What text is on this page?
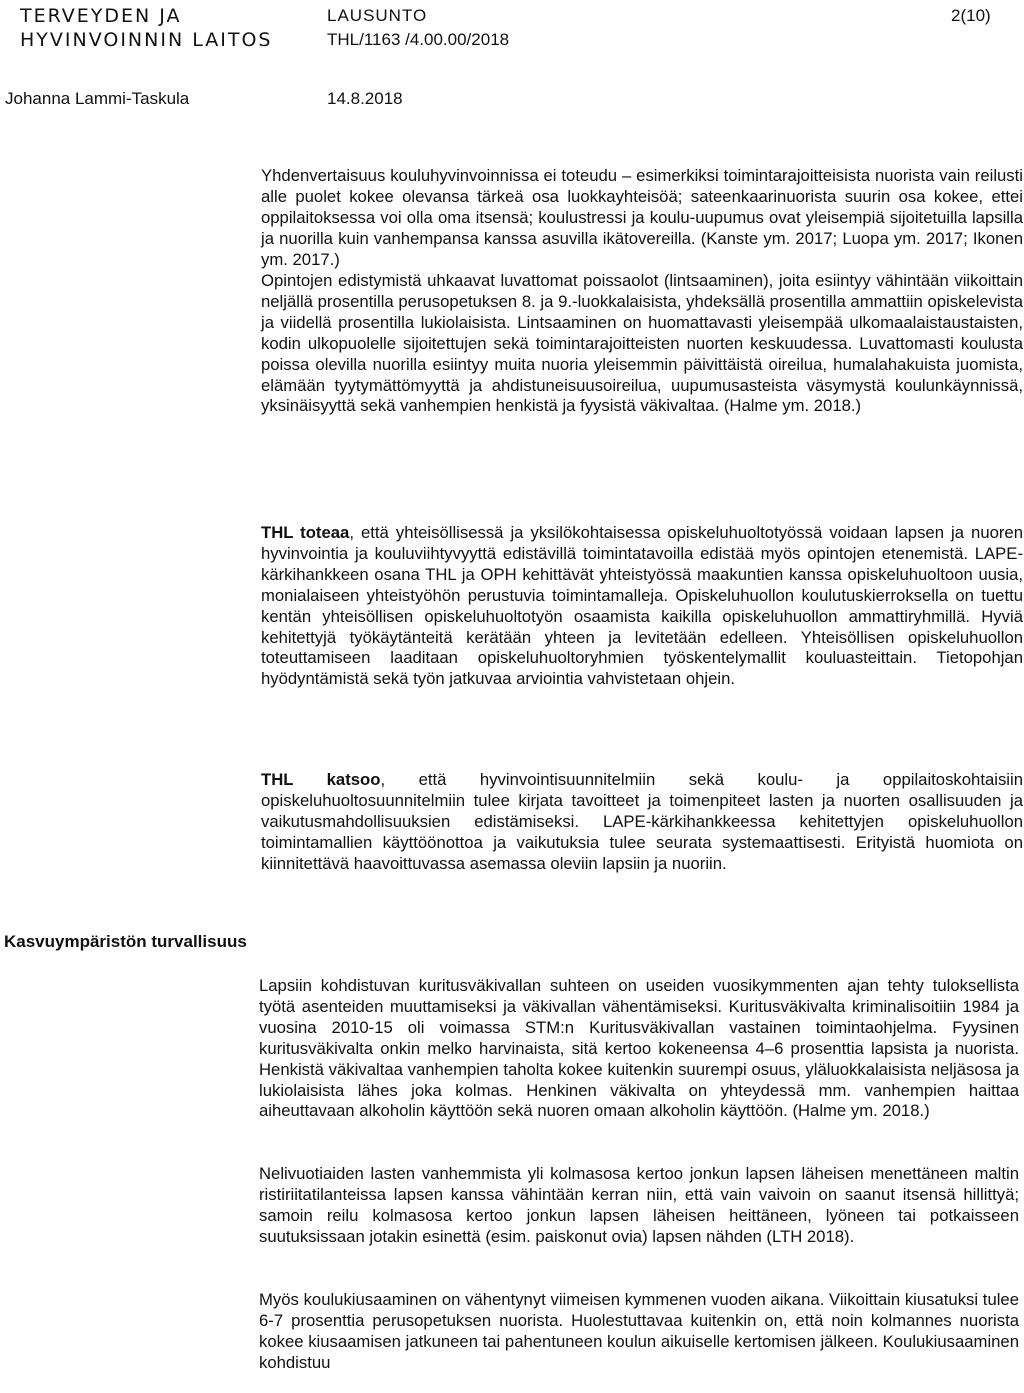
TERVEYDEN JA
HYVINVOINNIN LAITOS
LAUSUNTO
THL/1163 /4.00.00/2018
2(10)
Johanna Lammi-Taskula	14.8.2018
Kasvuympäristön turvallisuus

Yhdenvertaisuus kouluhyvinvoinnissa ei toteudu – esimerkiksi toimintarajoitteisista nuorista vain reilusti alle puolet kokee olevansa tärkeä osa luokkayhteisöä; sateenkaarinuorista suurin osa kokee, ettei oppilaitoksessa voi olla oma itsensä; koulustressi ja koulu-uupumus ovat yleisempiä sijoitetuilla lapsilla ja nuorilla kuin vanhempansa kanssa asuvilla ikätovereilla. (Kanste ym. 2017; Luopa ym. 2017; Ikonen ym. 2017.)

Opintojen edistymistä uhkaavat luvattomat poissaolot (lintsaaminen), joita esiintyy vähintään viikoittain neljällä prosentilla perusopetuksen 8. ja 9.-luokkalaisista, yhdeksällä prosentilla ammattiin opiskelevista ja viidellä prosentilla lukiolaisista. Lintsaaminen on huomattavasti yleisempää ulkomaalaistaustaisten, kodin ulkopuolelle sijoitettujen sekä toimintarajoitteisten nuorten keskuudessa. Luvattomasti koulusta poissa olevilla nuorilla esiintyy muita nuoria yleisemmin päivittäistä oireilua, humalahakuista juomista, elämään tyytymättömyyttä ja ahdistuneisuusoireilua, uupumusasteista väsymystä koulunkäynnissä, yksinäisyyttä sekä vanhempien henkistä ja fyysistä väkivaltaa. (Halme ym. 2018.)

THL toteaa, että yhteisöllisessä ja yksilökohtaisessa opiskeluhuoltotyössä voidaan lapsen ja nuoren hyvinvointia ja kouluviihtyvyyttä edistävillä toimintatavoilla edistää myös opintojen etenemistä. LAPE-kärkihankkeen osana THL ja OPH kehittävät yhteistyössä maakuntien kanssa opiskeluhuoltoon uusia, monialaiseen yhteistyöhön perustuvia toimintamalleja. Opiskeluhuollon koulutuskierroksella on tuettu kentän yhteisöllisen opiskeluhuoltotyön osaamista kaikilla opiskeluhuollon ammattiryhmillä. Hyviä kehitettyjä työkäytänteitä kerätään yhteen ja levitetään edelleen. Yhteisöllisen opiskeluhuollon toteuttamiseen laaditaan opiskeluhuoltoryhmien työskentelymallit kouluasteittain. Tietopohjan hyödyntämistä sekä työn jatkuvaa arviointia vahvistetaan ohjein.

THL katsoo, että hyvinvointisuunnitelmiin sekä koulu- ja oppilaitoskohtaisiin opiskeluhuoltosuunnitelmiin tulee kirjata tavoitteet ja toimenpiteet lasten ja nuorten osallisuuden ja vaikutusmahdollisuuksien edistämiseksi. LAPE-kärkihankkeessa kehitettyjen opiskeluhuollon toimintamallien käyttöönottoa ja vaikutuksia tulee seurata systemaattisesti. Erityistä huomiota on kiinnitettävä haavoittuvassa asemassa oleviin lapsiin ja nuoriin.

Lapsiin kohdistuvan kuritusväkivallan suhteen on useiden vuosikymmenten ajan tehty tuloksellista työtä asenteiden muuttamiseksi ja väkivallan vähentämiseksi. Kuritusväkivalta kriminalisoitiin 1984 ja vuosina 2010-15 oli voimassa STM:n Kuritusväkivallan vastainen toimintaohjelma. Fyysinen kuritusväkivalta onkin melko harvinaista, sitä kertoo kokeneensa 4–6 prosenttia lapsista ja nuorista. Henkistä väkivaltaa vanhempien taholta kokee kuitenkin suurempi osuus, yläluokkalaisista neljäsosa ja lukiolaisista lähes joka kolmas. Henkinen väkivalta on yhteydessä mm. vanhempien haittaa aiheuttavaan alkoholin käyttöön sekä nuoren omaan alkoholin käyttöön. (Halme ym. 2018.)

Nelivuotiaiden lasten vanhemmista yli kolmasosa kertoo jonkun lapsen läheisen menettäneen maltin ristiriitatilanteissa lapsen kanssa vähintään kerran niin, että vain vaivoin on saanut itsensä hillittyä; samoin reilu kolmasosa kertoo jonkun lapsen läheisen heittäneen, lyöneen tai potkaisseen suutuksissaan jotakin esinettä (esim. paiskonut ovia) lapsen nähden (LTH 2018).

Myös koulukiusaaminen on vähentynyt viimeisen kymmenen vuoden aikana. Viikoittain kiusatuksi tulee 6-7 prosenttia perusopetuksen nuorista. Huolestuttavaa kuitenkin on, että noin kolmannes nuorista kokee kiusaamisen jatkuneen tai pahentuneen koulun aikuiselle kertomisen jälkeen. Koulukiusaaminen kohdistuu
